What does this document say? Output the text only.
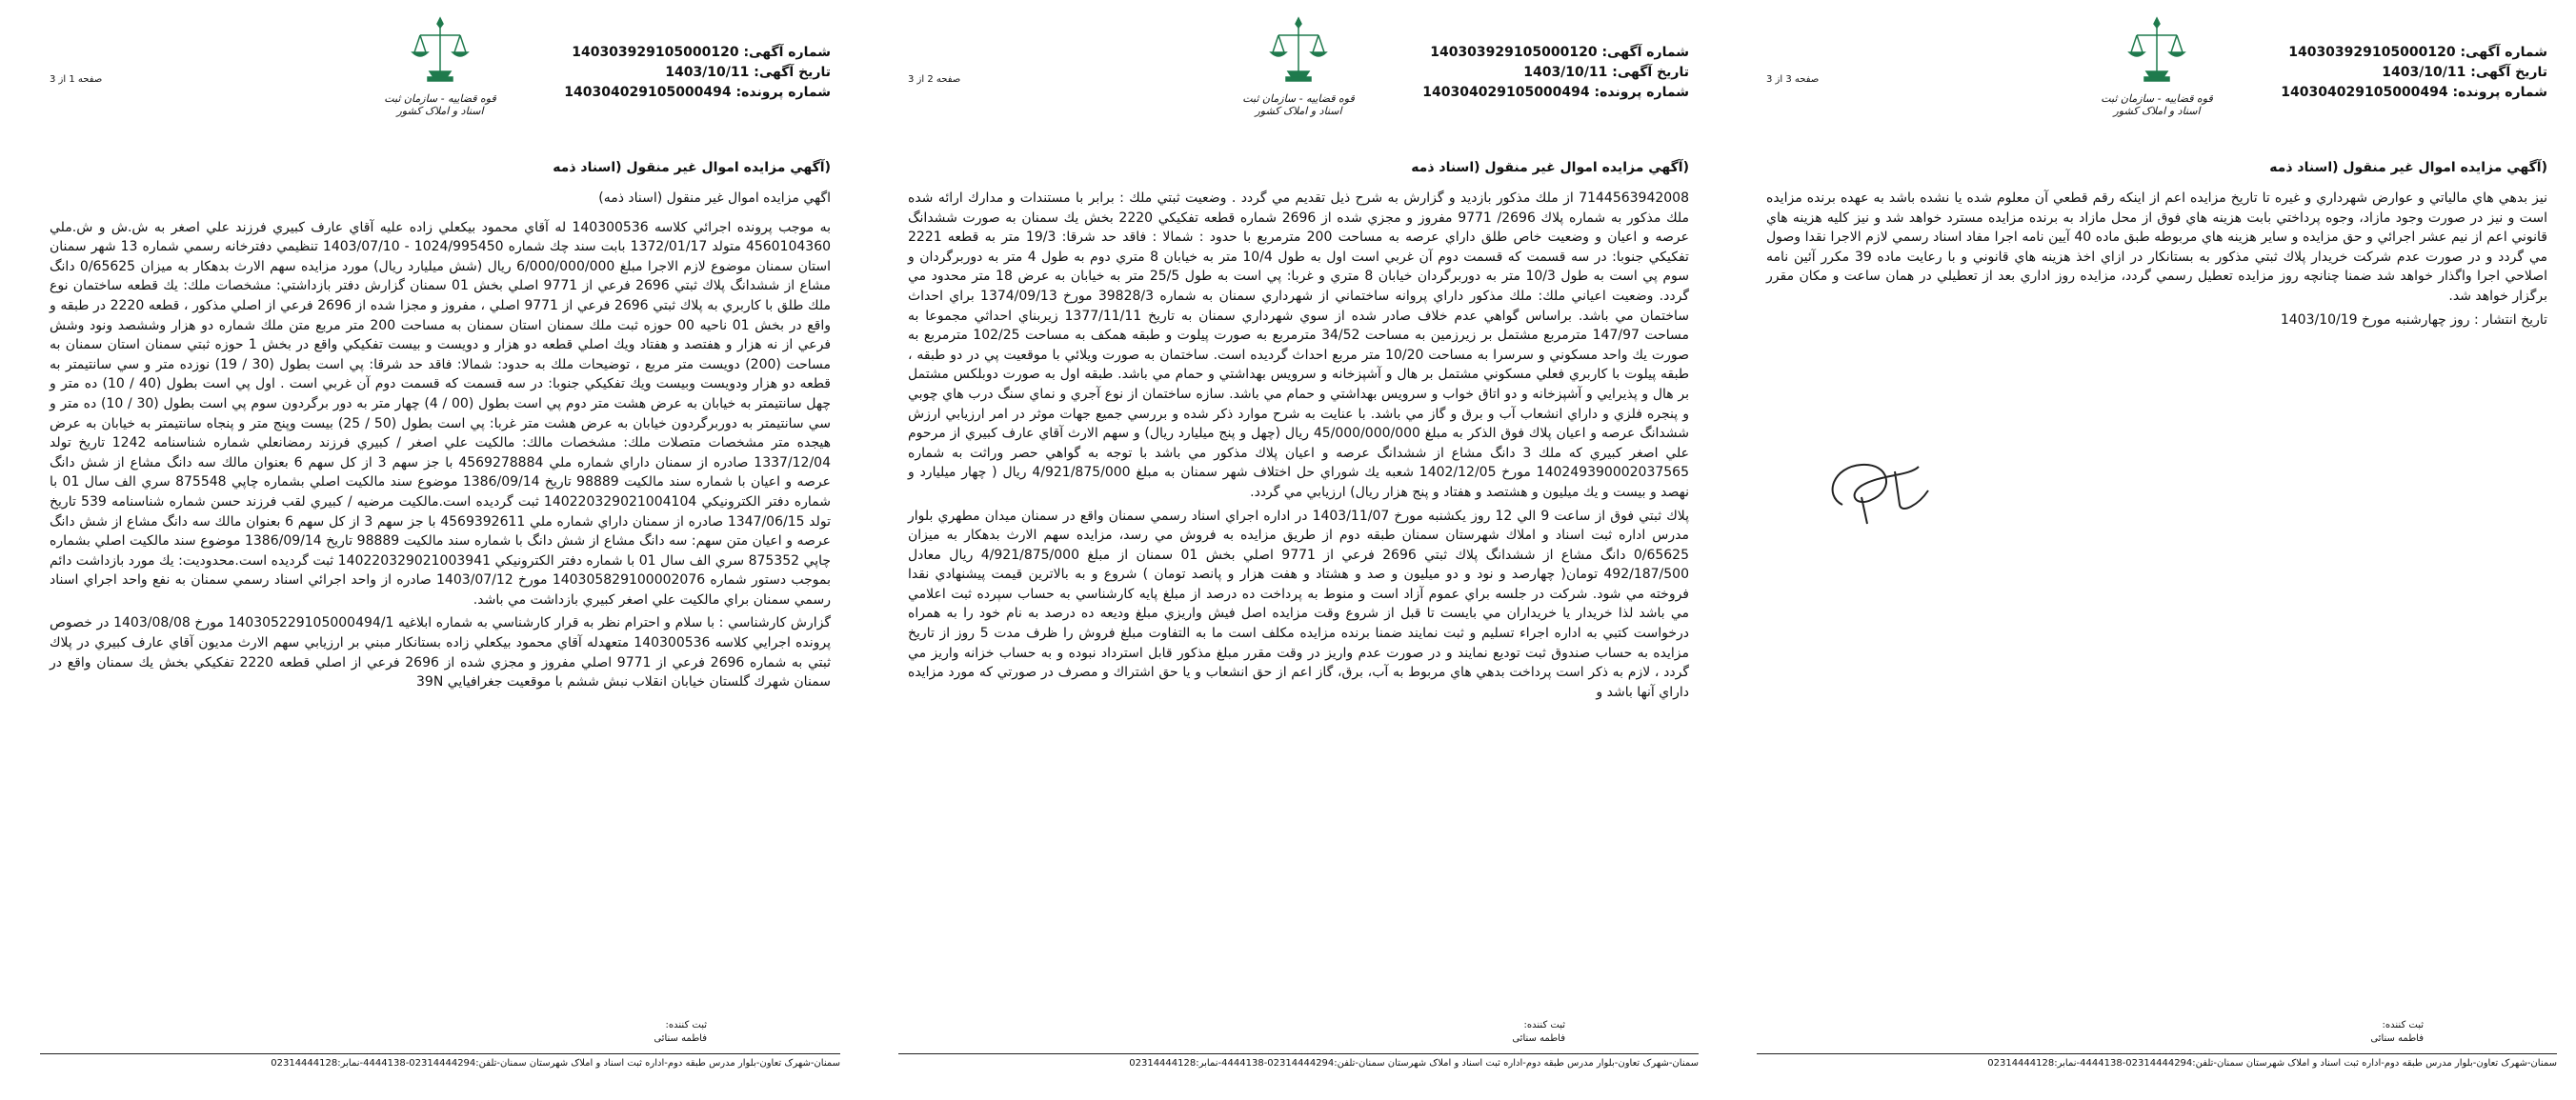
شماره آگهی: 140303929105000120
تاریخ آگهی: 1403/10/11
شماره پرونده: 140304029105000494
قوه قضاییه - سازمان ثبت اسناد و املاک کشور
صفحه 3 از 3
(آگهي مزايده اموال غير منقول (اسناد ذمه

نيز بدهي هاي مالياتي و عوارض شهرداري و غيره تا تاريخ مزايده اعم از اينكه رقم قطعي آن معلوم شده يا نشده باشد به عهده برنده مزايده است و نيز در صورت وجود مازاد، وجوه پرداختي بابت هزينه هاي فوق از محل مازاد به برنده مزايده مسترد خواهد شد و نيز كليه هزينه هاي قانوني اعم از نيم عشر اجرائي و حق مزايده و ساير هزينه هاي مربوطه طبق ماده 40 آيين نامه اجرا مفاد اسناد رسمي لازم الاجرا نقدا وصول مي گردد و در صورت عدم شركت خريدار پلاك ثبتي مذكور به بستانكار در ازاي اخذ هزينه هاي قانوني و با رعايت ماده 39 مكرر آئين نامه اصلاحي اجرا واگذار خواهد شد ضمنا چنانچه روز مزايده تعطيل رسمي گردد، مزايده روز اداري بعد از تعطيلي در همان ساعت و مكان مقرر برگزار خواهد شد.

تاريخ انتشار : روز چهارشنبه مورخ 1403/10/19

ثبت کننده:
فاطمه سنائی
سمنان-شهرک تعاون-بلوار مدرس طبقه دوم-اداره ثبت اسناد و املاک شهرستان سمنان-تلفن:02314444294-4444138-نمابر:02314444128
شماره آگهی: 140303929105000120
تاریخ آگهی: 1403/10/11
شماره پرونده: 140304029105000494
قوه قضاییه - سازمان ثبت اسناد و املاک کشور
صفحه 2 از 3
(آگهي مزايده اموال غير منقول (اسناد ذمه

7144563942008 از ملك مذكور بازديد و گزارش به شرح ذيل تقديم مي گردد . وضعيت ثبتي ملك : برابر با مستندات و مدارك ارائه شده ملك مذكور به شماره پلاك 2696/ 9771 مفروز و مجزي شده از 2696 شماره قطعه تفكيكي 2220 بخش يك سمنان به صورت ششدانگ عرصه و اعيان و وضعيت خاص طلق داراي عرصه به مساحت 200 مترمربع با حدود : شمالا : فاقد حد شرقا: 19/3 متر به قطعه 2221 تفكيكي جنوبا: در سه قسمت كه قسمت دوم آن غربي است اول به طول 10/4 متر به خيابان 8 متري دوم به طول 4 متر به دوربرگردان و سوم پي است به طول 10/3 متر به دوربرگردان خيابان 8 متري و غربا: پي است به طول 25/5 متر به خيابان به عرض 18 متر محدود مي گردد. وضعيت اعياني ملك: ملك مذكور داراي پروانه ساختماني از شهرداري سمنان به شماره 39828/3 مورخ 1374/09/13 براي احداث ساختمان مي باشد. براساس گواهي عدم خلاف صادر شده از سوي شهرداري سمنان به تاريخ 1377/11/11 زيربناي احداثي مجموعا به مساحت 147/97 مترمربع مشتمل بر زيرزمين به مساحت 34/52 مترمربع به صورت پيلوت و طبقه همكف به مساحت 102/25 مترمربع به صورت يك واحد مسكوني و سرسرا به مساحت 10/20 متر مربع احداث گرديده است. ساختمان به صورت ويلائي با موقعيت پي در دو طبقه ، طبقه پيلوت با كاربري فعلي مسكوني مشتمل بر هال و آشپزخانه و سرويس بهداشتي و حمام مي باشد. طبقه اول به صورت دوبلكس مشتمل بر هال و پذيرايي و آشپزخانه و دو اتاق خواب و سرويس بهداشتي و حمام مي باشد. سازه ساختمان از نوع آجري و نماي سنگ درب هاي چوبي و پنجره فلزي و داراي انشعاب آب و برق و گاز مي باشد. با عنايت به شرح موارد ذكر شده و بررسي جميع جهات موثر در امر ارزيابي ارزش ششدانگ عرصه و اعيان پلاك فوق الذكر به مبلغ 45/000/000/000 ريال (چهل و پنج ميليارد ريال) و سهم الارث آقاي عارف كبيري از مرحوم علي اصغر كبيري كه ملك 3 دانگ مشاع از ششدانگ عرصه و اعيان پلاك مذكور مي باشد با توجه به گواهي حصر وراثت به شماره 140249390002037565 مورخ 1402/12/05 شعبه يك شوراي حل اختلاف شهر سمنان به مبلغ 4/921/875/000 ريال ( چهار ميليارد و نهصد و بيست و يك ميليون و هشتصد و هفتاد و پنج هزار ريال) ارزيابي مي گردد.

پلاك ثبتي فوق از ساعت 9 الي 12 روز يكشنبه مورخ 1403/11/07 در اداره اجراي اسناد رسمي سمنان واقع در سمنان ميدان مطهري بلوار مدرس اداره ثبت اسناد و املاك شهرستان سمنان طبقه دوم از طريق مزايده به فروش مي رسد، مزايده سهم الارث بدهكار به ميزان 0/65625 دانگ مشاع از ششدانگ پلاك ثبتي 2696 فرعي از 9771 اصلي بخش 01 سمنان از مبلغ 4/921/875/000 ريال معادل 492/187/500 تومان( چهارصد و نود و دو ميليون و صد و هشتاد و هفت هزار و پانصد تومان ) شروع و به بالاترين قيمت پيشنهادي نقدا فروخته مي شود. شركت در جلسه براي عموم آزاد است و منوط به پرداخت ده درصد از مبلغ پايه كارشناسي به حساب سپرده ثبت اعلامي مي باشد لذا خريدار يا خريداران مي بايست تا قبل از شروع وقت مزايده اصل فيش واريزي مبلغ وديعه ده درصد به نام خود را به همراه درخواست كتبي به اداره اجراء تسليم و ثبت نمايند ضمنا برنده مزايده مكلف است ما به التفاوت مبلغ فروش را ظرف مدت 5 روز از تاريخ مزايده به حساب صندوق ثبت توديع نمايند و در صورت عدم واريز در وقت مقرر مبلغ مذكور قابل استرداد نبوده و به حساب خزانه واريز مي گردد ، لازم به ذكر است پرداخت بدهي هاي مربوط به آب، برق، گاز اعم از حق انشعاب و يا حق اشتراك و مصرف در صورتي كه مورد مزايده داراي آنها باشد و

ثبت کننده:
فاطمه سنائی
سمنان-شهرک تعاون-بلوار مدرس طبقه دوم-اداره ثبت اسناد و املاک شهرستان سمنان-تلفن:02314444294-4444138-نمابر:02314444128
شماره آگهی: 140303929105000120
تاریخ آگهی: 1403/10/11
شماره پرونده: 140304029105000494
قوه قضاییه - سازمان ثبت اسناد و املاک کشور
صفحه 1 از 3
(آگهي مزايده اموال غير منقول (اسناد ذمه

اگهي مزايده اموال غير منقول (اسناد ذمه)

به موجب پرونده اجرائي كلاسه 140300536 له آقاي محمود بيكعلي زاده عليه آقاي عارف كبيري فرزند علي اصغر به ش.ش و ش.ملي 4560104360 متولد 1372/01/17 بابت سند چك شماره 1024/995450 - 1403/07/10 تنظيمي دفترخانه رسمي شماره 13 شهر سمنان استان سمنان موضوع لازم الاجرا مبلغ 6/000/000/000 ريال (شش ميليارد ريال) مورد مزايده سهم الارث بدهكار به ميزان 0/65625 دانگ مشاع از ششدانگ پلاك ثبتي 2696 فرعي از 9771 اصلي بخش 01 سمنان گزارش دفتر بازداشتي: مشخصات ملك: يك قطعه ساختمان نوع ملك طلق با كاربري به پلاك ثبتي 2696 فرعي از 9771 اصلي ، مفروز و مجزا شده از 2696 فرعي از اصلي مذكور ، قطعه 2220 در طبقه و واقع در بخش 01 ناحيه 00 حوزه ثبت ملك سمنان استان سمنان به مساحت 200 متر مربع متن ملك شماره دو هزار وششصد ونود وشش فرعي از نه هزار و هفتصد و هفتاد ويك اصلي قطعه دو هزار و دويست و بيست تفكيكي واقع در بخش 1 حوزه ثبتي سمنان استان سمنان به مساحت (200) دويست متر مربع ، توضيحات ملك به حدود: شمالا: فاقد حد شرقا: پي است بطول (30 / 19) نوزده متر و سي سانتيمتر به قطعه دو هزار ودويست وبيست ويك تفكيكي جنوبا: در سه قسمت كه قسمت دوم آن غربي است . اول پي است بطول (40 / 10) ده متر و چهل سانتيمتر به خيابان به عرض هشت متر دوم پي است بطول (00 / 4) چهار متر به دور برگردون سوم پي است بطول (30 / 10) ده متر و سي سانتيمتر به دوربرگردون خيابان به عرض هشت متر غربا: پي است بطول (50 / 25) بيست وپنج متر و پنجاه سانتيمتر به خيابان به عرض هيجده متر مشخصات متصلات ملك: مشخصات مالك: مالكيت علي اصغر / كبيري فرزند رمضانعلي شماره شناسنامه 1242 تاريخ تولد 1337/12/04 صادره از سمنان داراي شماره ملي 4569278884 با جز سهم 3 از كل سهم 6 بعنوان مالك سه دانگ مشاع از شش دانگ عرصه و اعيان با شماره سند مالكيت 98889 تاريخ 1386/09/14 موضوع سند مالكيت اصلي بشماره چاپي 875548 سري الف سال 01 با شماره دفتر الكترونيكي 140220329021004104 ثبت گرديده است.مالكيت مرضيه / كبيري لقب فرزند حسن شماره شناسنامه 539 تاريخ تولد 1347/06/15 صادره از سمنان داراي شماره ملي 4569392611 با جز سهم 3 از كل سهم 6 بعنوان مالك سه دانگ مشاع از شش دانگ عرصه و اعيان متن سهم: سه دانگ مشاع از شش دانگ با شماره سند مالكيت 98889 تاريخ 1386/09/14 موضوع سند مالكيت اصلي بشماره چاپي 875352 سري الف سال 01 با شماره دفتر الكترونيكي 140220329021003941 ثبت گرديده است.محدوديت: يك مورد بازداشت دائم بموجب دستور شماره 140305829100002076 مورخ 1403/07/12 صادره از واحد اجرائي اسناد رسمي سمنان به نفع واحد اجراي اسناد رسمي سمنان براي مالكيت علي اصغر كبيري بازداشت مي باشد.

گزارش كارشناسي : با سلام و احترام نظر به قرار كارشناسي به شماره ابلاغيه 140305229105000494/1 مورخ 1403/08/08 در خصوص پرونده اجرايي كلاسه 140300536 متعهدله آقاي محمود بيكعلي زاده بستانكار مبني بر ارزيابي سهم الارث مديون آقاي عارف كبيري در پلاك ثبتي به شماره 2696 فرعي از 9771 اصلي مفروز و مجزي شده از 2696 فرعي از اصلي قطعه 2220 تفكيكي بخش يك سمنان واقع در سمنان شهرك گلستان خيابان انقلاب نبش ششم با موقعيت جغرافيايي 39N

ثبت کننده:
فاطمه سنائی
سمنان-شهرک تعاون-بلوار مدرس طبقه دوم-اداره ثبت اسناد و املاک شهرستان سمنان-تلفن:02314444294-4444138-نمابر:02314444128
